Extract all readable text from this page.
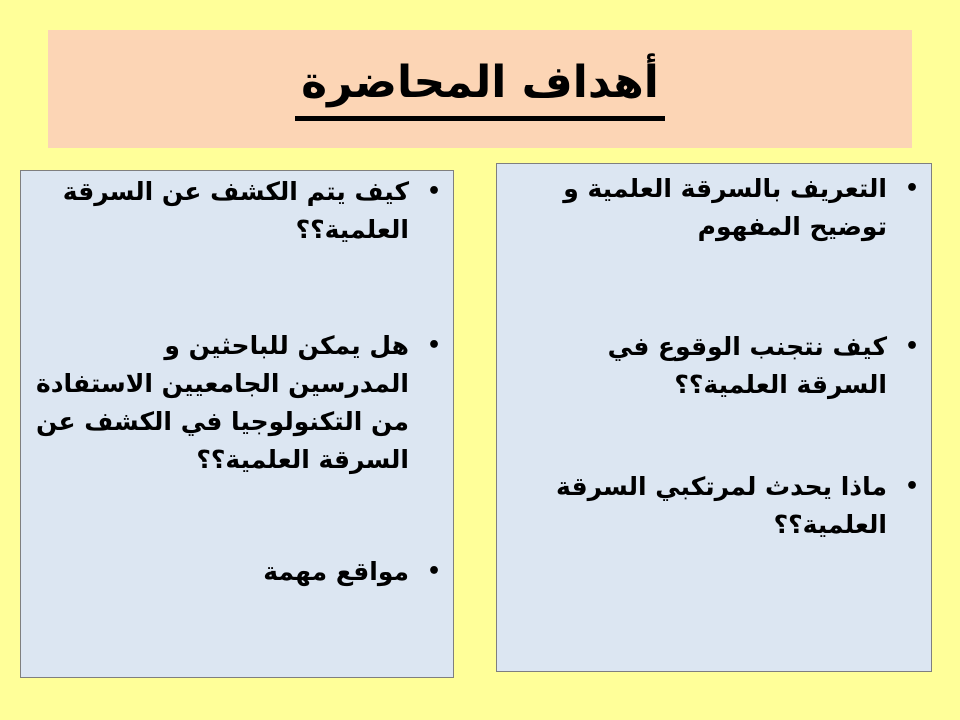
أهداف المحاضرة
•
التعريف بالسرقة العلمية و توضيح المفهوم
•
كيف نتجنب الوقوع في السرقة العلمية؟؟
•
ماذا يحدث لمرتكبي السرقة العلمية؟؟
•
كيف يتم الكشف عن السرقة العلمية؟؟
•
هل يمكن للباحثين و المدرسين الجامعيين الاستفادة من التكنولوجيا في الكشف عن السرقة العلمية؟؟
•
مواقع مهمة
